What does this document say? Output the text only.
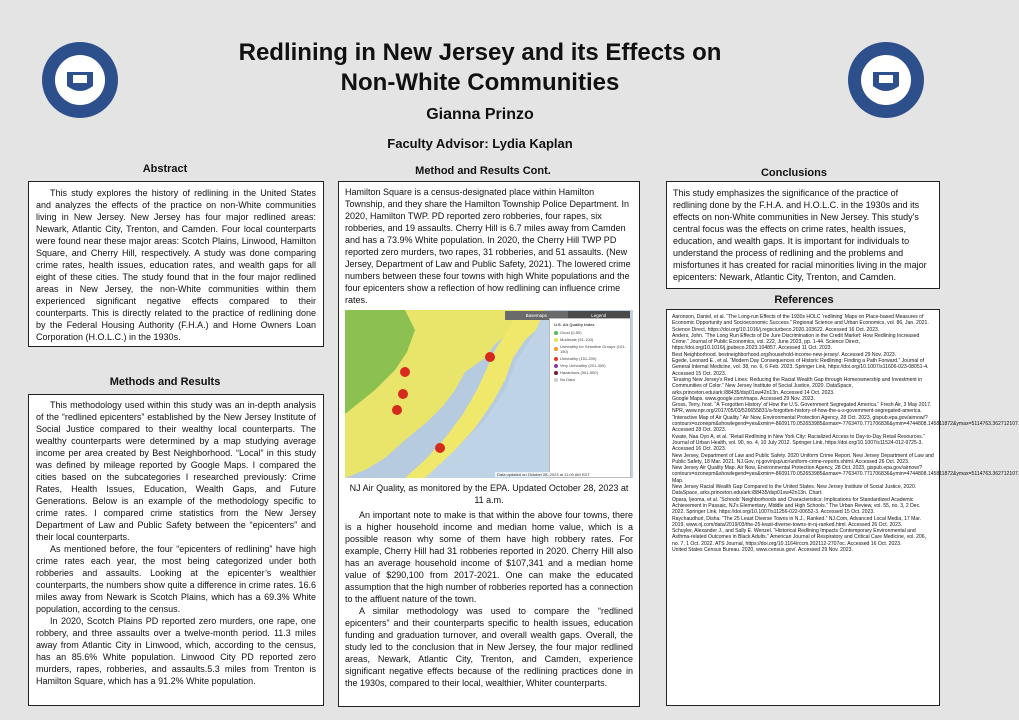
Redlining in New Jersey and its Effects on
Non-White Communities
Gianna Prinzo
Faculty Advisor: Lydia Kaplan
Abstract

This study explores the history of redlining in the United States and analyzes the effects of the practice on non-White communities living in New Jersey. New Jersey has four major redlined areas: Newark, Atlantic City, Trenton, and Camden. Four local counterparts were found near these major areas: Scotch Plains, Linwood, Hamilton Square, and Cherry Hill, respectively. A study was done comparing crime rates, health issues, education rates, and wealth gaps for all eight of these cities. The study found that in the four major redlined areas in New Jersey, the non-White communities within them experienced significant negative effects compared to their counterparts. This is directly related to the practice of redlining done by the Federal Housing Authority (F.H.A.) and Home Owners Loan Corporation (H.O.L.C.) in the 1930s.

Methods and Results

This methodology used within this study was an in-depth analysis of the “redlined epicenters” established by the New Jersey Institute of Social Justice compared to their wealthy local counterparts. The wealthy counterparts were determined by a map studying average income per area created by Best Neighborhood. “Local” in this study was defined by mileage reported by Google Maps. I compared the cities based on the subcategories I researched previously: Crime Rates, Health Issues, Education, Wealth Gaps, and Future Generations. Below is an example of the methodology specific to crime rates. I compared crime statistics from the New Jersey Department of Law and Public Safety between the “epicenters” and their local counterparts.

As mentioned before, the four “epicenters of redlining” have high crime rates each year, the most being categorized under both robberies and assaults. Looking at the epicenter’s wealthier counterparts, the numbers show quite a difference in crime rates. 16.6 miles away from Newark is Scotch Plains, which has a 69.3% White population, according to the census.

In 2020, Scotch Plains PD reported zero murders, one rape, one robbery, and three assaults over a twelve-month period. 11.3 miles away from Atlantic City in Linwood, which, according to the census, has an 85.6% White population. Linwood City PD reported zero murders, rapes, robberies, and assaults.5.3 miles from Trenton is Hamilton Square, which has a 91.2% White population.

Method and Results Cont.
Hamilton Square is a census-designated place within Hamilton Township, and they share the Hamilton Township Police Department. In 2020, Hamilton TWP. PD reported zero robberies, four rapes, six robberies, and 19 assaults. Cherry Hill is 6.7 miles away from Camden and has a 73.9% White population. In 2020, the Cherry Hill TWP PD reported zero murders, two rapes, 31 robberies, and 51 assaults. (New Jersey, Department of Law and Public Safety, 2021). The lowered crime numbers between these four towns with high White populations and the four epicenters show a reflection of how redlining can influence crime rates.
Basemaps	Legend
U.S. Air Quality Index
Good (0-50)
Moderate (51-100)
Unhealthy for Sensitive Groups (101-150)
Unhealthy (151-200)
Very Unhealthy (201-300)
Hazardous (301-500)
No Data
Data updated on October 28, 2023 at 11:00 AM EDT
NJ Air Quality, as monitored by the EPA. Updated October 28, 2023 at 11 a.m.

An important note to make is that within the above four towns, there is a higher household income and median home value, which is a possible reason why some of them have high robbery rates. For example, Cherry Hill had 31 robberies reported in 2020. Cherry Hill also has an average household income of $107,341 and a median home value of $290,100 from 2017-2021. One can make the educated assumption that the high number of robberies reported has a connection to the affluent nature of the town.

A similar methodology was used to compare the “redlined epicenters” and their counterparts specific to health issues, education funding and graduation turnover, and overall wealth gaps. Overall, the study led to the conclusion that in New Jersey, the four major redlined areas, Newark, Atlantic City, Trenton, and Camden, experience significant negative effects because of the redlining practices done in the 1930s, compared to their local, wealthier, Whiter counterparts.

Conclusions
This study emphasizes the significance of the practice of redlining done by the F.H.A. and H.O.L.C. in the 1930s and its effects on non-White communities in New Jersey. This study's central focus was the effects on crime rates, health issues, education, and wealth gaps. It is important for individuals to understand the process of redlining and the problems and misfortunes it has created for racial minorities living in the major epicenters: Newark, Atlantic City, Trenton, and Camden.
References
Aaronson, Daniel, et al. “The Long-run Effects of the 1930s HOLC ‘redlining’ Maps on Place-based Measures of Economic Opportunity and Socioeconomic Success.” Regional Science and Urban Economics, vol. 86, Jan. 2021. Science Direct, https://doi.org/10.1016/j.regsciurbeco.2020.103622. Accessed 16 Oct. 2023.
Anders, John. “The Long Run Effects of De Jure Discrimination in the Credit Market: How Redlining Increased Crime.” Journal of Public Economics, vol. 222, June 2023, pp. 1-44. Science Direct, https://doi.org/10.1016/j.jpubeco.2023.104857. Accessed 11 Oct. 2023.
Best Neighborhood. bestneighborhood.org/household-income-new-jersey/. Accessed 29 Nov. 2023.
Egede, Leonard E., et al. “Modern Day Consequences of Historic Redlining: Finding a Path Forward.” Journal of General Internal Medicine, vol. 38, no. 6, 6 Feb. 2023. Springer Link, https://doi.org/10.1007/s11606-023-08051-4. Accessed 15 Oct. 2023.
“Erasing New Jersey’s Red Lines: Reducing the Racial Wealth Gap through Homeownership and Investment in Communities of Color.” New Jersey Institute of Social Justice, 2020. DataSpace, arks.princeton.edu/ark:/88435/dsp01xw42n13n. Accessed 14 Oct. 2023.
Google Maps. www.google.com/maps. Accessed 29 Nov. 2023.
Gross, Terry, host. “A ‘Forgotten History’ of How the U.S. Government Segregated America.” Fresh Air, 3 May 2017. NPR, www.npr.org/2017/05/03/526655831/a-forgotten-history-of-how-the-u-s-government-segregated-america.
“Interactive Map of Air Quality.” Air Now, Environmental Protection Agency, 28 Oct. 2023, gispub.epa.gov/airnow/?contours=ozonepm&showlegend=yes&xmin=-8609170.052653985&xmax=-7763470.771706836&ymin=4744808.145811872&ymax=5114763.362712107. Accessed 28 Oct. 2023.
Kwate, Naa Oyo A, et al. “Retail Redlining in New York City: Racialized Access to Day-to-Day Retail Resources.” Journal of Urban Health, vol. 90, no. 4, 10 July 2012. Springer Link, https://doi.org/10.1007/s11524-012-9725-3. Accessed 16 Oct. 2023.
New Jersey, Department of Law and Public Safety. 2020 Uniform Crime Report. New Jersey Department of Law and Public Safety, 18 Mar. 2021. NJ.Gov, nj.gov/njsp/ucr/uniform-crime-reports.shtml. Accessed 26 Oct. 2023.
New Jersey Air Quality Map. Air Now, Environmental Protection Agency, 28 Oct. 2023, gispub.epa.gov/airnow/?contours=ozonepm&showlegend=yes&xmin=-8609170.052653985&xmax=-7763470.771706836&ymin=4744808.145811872&ymax=5114763.362712107. Map.
New Jersey Racial Wealth Gap Compared to the United States. New Jersey Institute of Social Justice, 2020. DataSpace, arks.princeton.edu/ark:/88435/dsp01xw42n13n. Chart.
Opara, Ijeoma, et al. “Schools’ Neighborhoods and Characteristics: Implications for Standardized Academic Achievement in Passaic, NJ’s Elementary, Middle and High Schools.” The Urban Review, vol. 55, no. 3, 2 Dec. 2022. Springer Link, https://doi.org/10.1007/s11256-022-00652-3. Accessed 15 Oct. 2023.
Raychaudhuri, Disha. “The 25 Least Diverse Towns in N.J., Ranked.” NJ.Com, Advanced Local Media, 17 Mar. 2019, www.nj.com/data/2019/03/the-25-least-diverse-towns-in-nj-ranked.html. Accessed 26 Oct. 2023.
Schuyler, Alexander J., and Sally E. Wenzel. “Historical Redlining Impacts Contemporary Environmental and Asthma-related Outcomes in Black Adults.” American Journal of Respiratory and Critical Care Medicine, vol. 206, no. 7, 1 Oct. 2022. ATS Journal, https://doi.org/10.1164/rccm.202112-2707oc. Accessed 16 Oct. 2023.
United States Census Bureau. 2020, www.census.gov/. Accessed 29 Nov. 2023.
